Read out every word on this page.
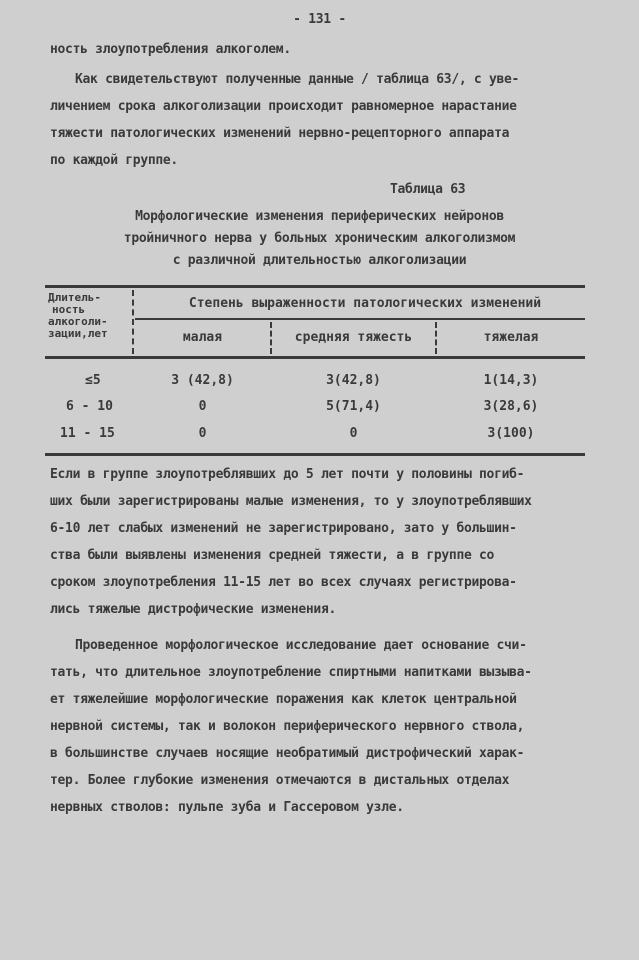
- 131 -
ность злоупотребления алкоголем.
Как свидетельствуют полученные данные / таблица 63/, с уве-
личением срока алкоголизации происходит равномерное нарастание
тяжести патологических изменений нервно-рецепторного аппарата
по каждой группе.
Таблица 63
Морфологические изменения периферических нейронов
тройничного нерва у больных хроническим алкоголизмом
с различной длительностью алкоголизации
Длитель-
ность
алкоголи-
зации,лет
Степень выраженности патологических изменений
малая	средняя тяжесть	тяжелая
≤5	3 (42,8)	3(42,8)	1(14,3)
6 - 10	0	5(71,4)	3(28,6)
11 - 15	0	0	3(100)
Если в группе злоупотреблявших до 5 лет почти у половины погиб-
ших были зарегистрированы малые изменения, то у злоупотреблявших
6-10 лет слабых изменений не зарегистрировано, зато у большин-
ства были выявлены изменения средней тяжести, а в группе со
сроком злоупотребления 11-15 лет во всех случаях регистрирова-
лись тяжелые дистрофические изменения.
Проведенное морфологическое исследование дает основание счи-
тать, что длительное злоупотребление спиртными напитками вызыва-
ет тяжелейшие морфологические поражения как клеток центральной
нервной системы, так и волокон периферического нервного ствола,
в большинстве случаев носящие необратимый дистрофический харак-
тер. Более глубокие изменения отмечаются в дистальных отделах
нервных стволов: пульпе зуба и Гассеровом узле.
